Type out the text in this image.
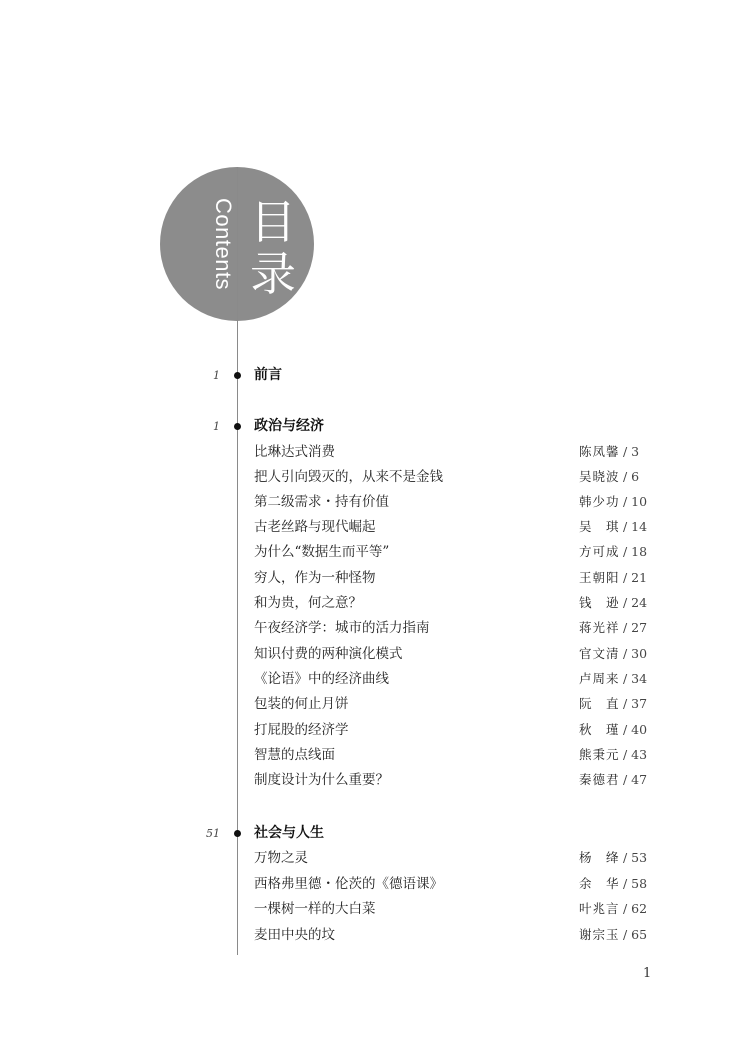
Contents 目
录
1 前言
1 政治与经济
比琳达式消费	陈凤馨 / 3
把人引向毁灭的，从来不是金钱	吴晓波 / 6
第二级需求・持有价值	韩少功 / 10
古老丝路与现代崛起	吴　琪 / 14
为什么“数据生而平等”	方可成 / 18
穷人，作为一种怪物	王朝阳 / 21
和为贵，何之意？	钱　逊 / 24
午夜经济学：城市的活力指南	蒋光祥 / 27
知识付费的两种演化模式	官文清 / 30
《论语》中的经济曲线	卢周来 / 34
包装的何止月饼	阮　直 / 37
打屁股的经济学	秋　瑾 / 40
智慧的点线面	熊秉元 / 43
制度设计为什么重要？	秦德君 / 47
51 社会与人生
万物之灵	杨　绛 / 53
西格弗里德・伦茨的《德语课》	余　华 / 58
一棵树一样的大白菜	叶兆言 / 62
麦田中央的坟	谢宗玉 / 65
1
